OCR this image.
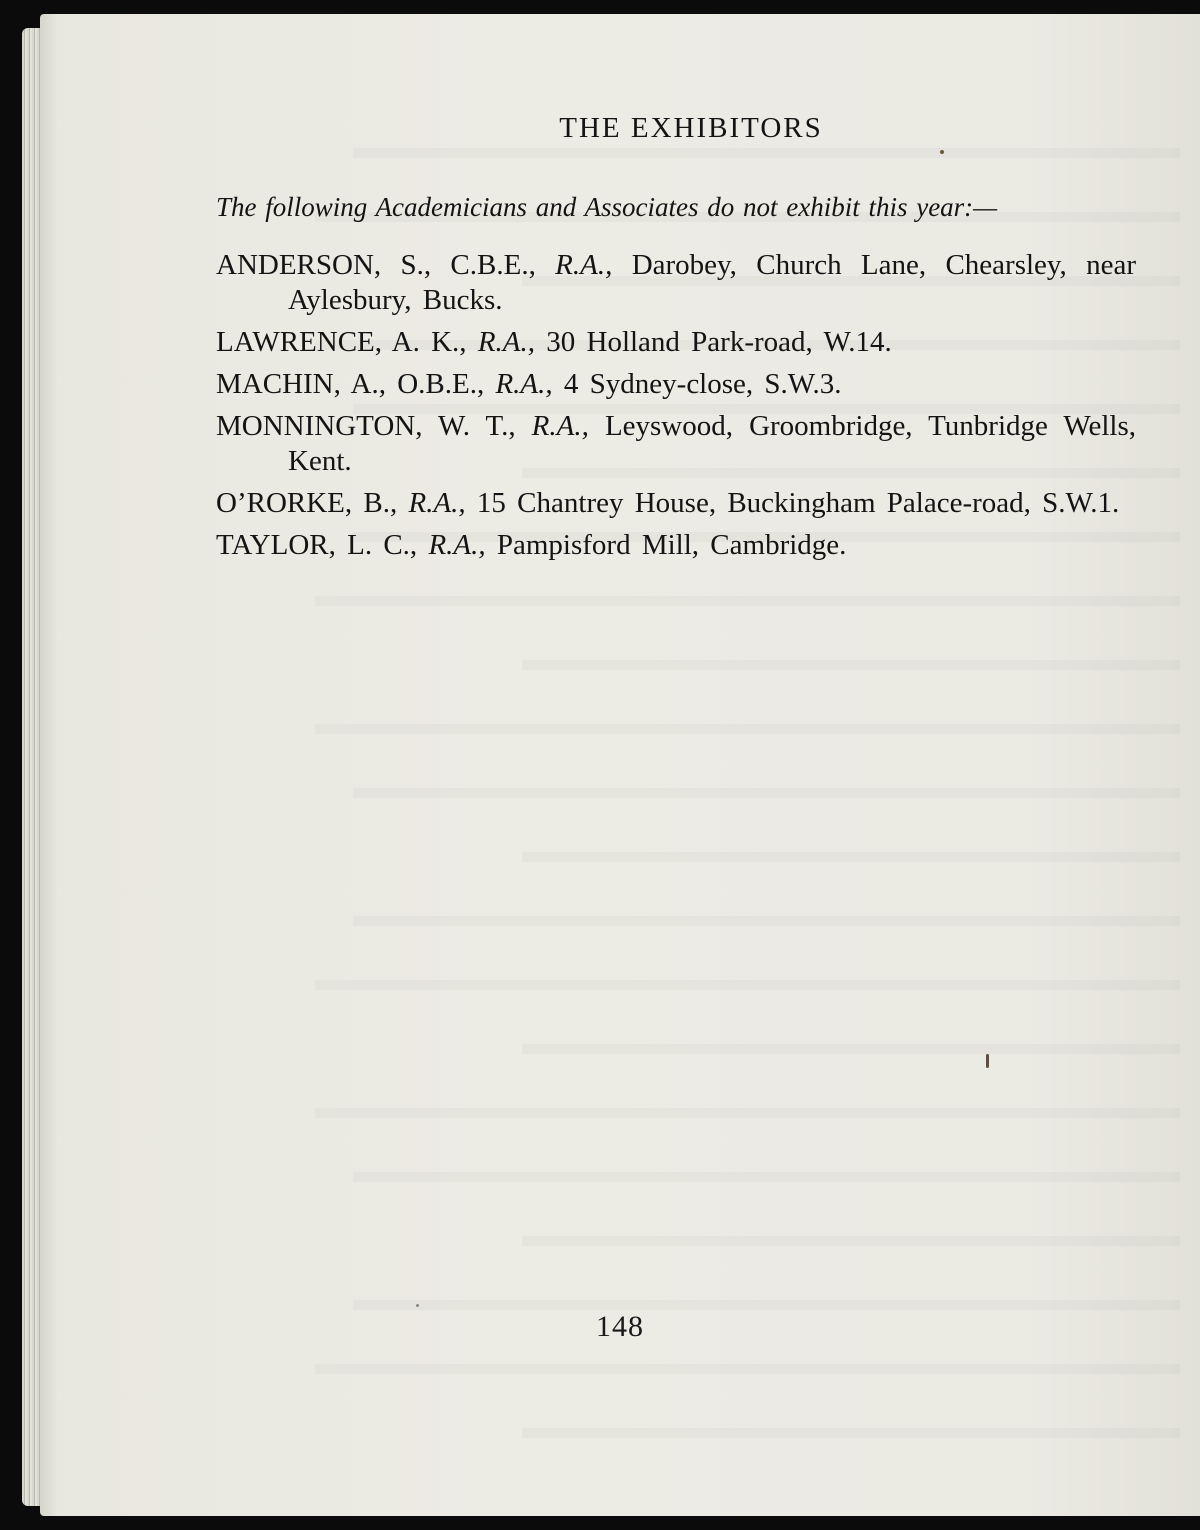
THE EXHIBITORS

The following Academicians and Associates do not exhibit this year:—

ANDERSON, S., C.B.E., R.A., Darobey, Church Lane, Chearsley, near Aylesbury, Bucks.
LAWRENCE, A. K., R.A., 30 Holland Park-road, W.14.
MACHIN, A., O.B.E., R.A., 4 Sydney-close, S.W.3.
MONNINGTON, W. T., R.A., Leyswood, Groombridge, Tunbridge Wells, Kent.
O’RORKE, B., R.A., 15 Chantrey House, Buckingham Palace-road, S.W.1.
TAYLOR, L. C., R.A., Pampisford Mill, Cambridge.
148
